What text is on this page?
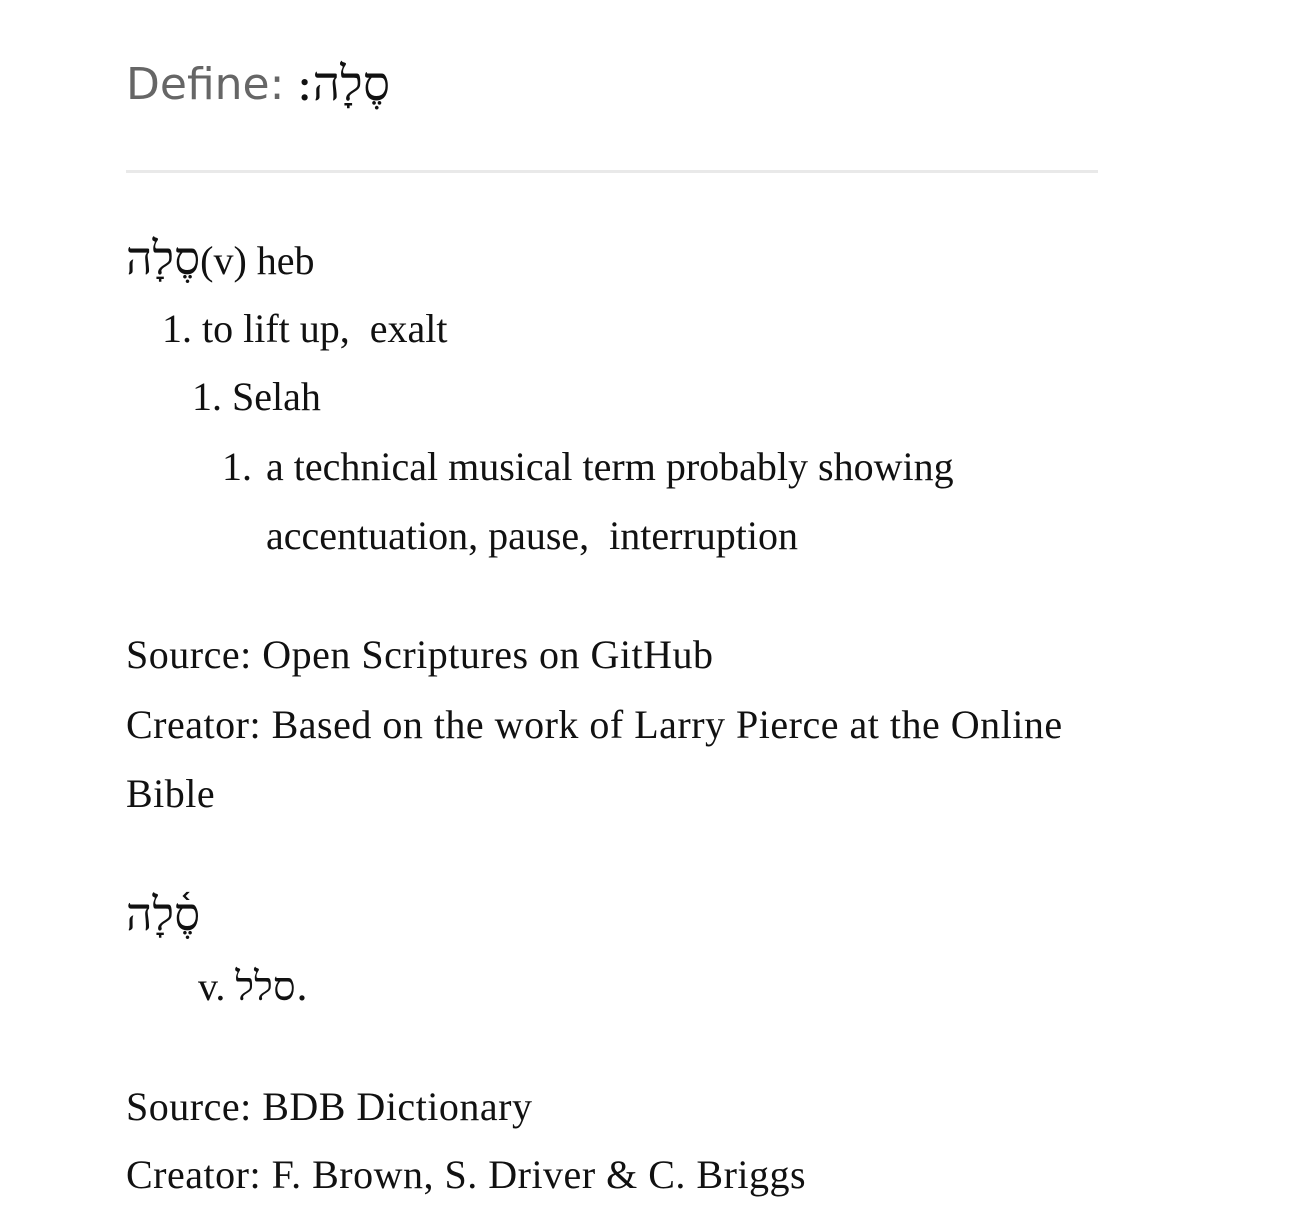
Define: סֶלָה:
סֶלָה(v) heb
1. to lift up,  exalt
1. Selah
1. a technical musical term probably showing accentuation, pause,  interruption
Source: Open Scriptures on GitHub
Creator: Based on the work of Larry Pierce at the Online Bible
סֶ֫לָה
v. סלל.
Source: BDB Dictionary
Creator: F. Brown, S. Driver & C. Briggs
